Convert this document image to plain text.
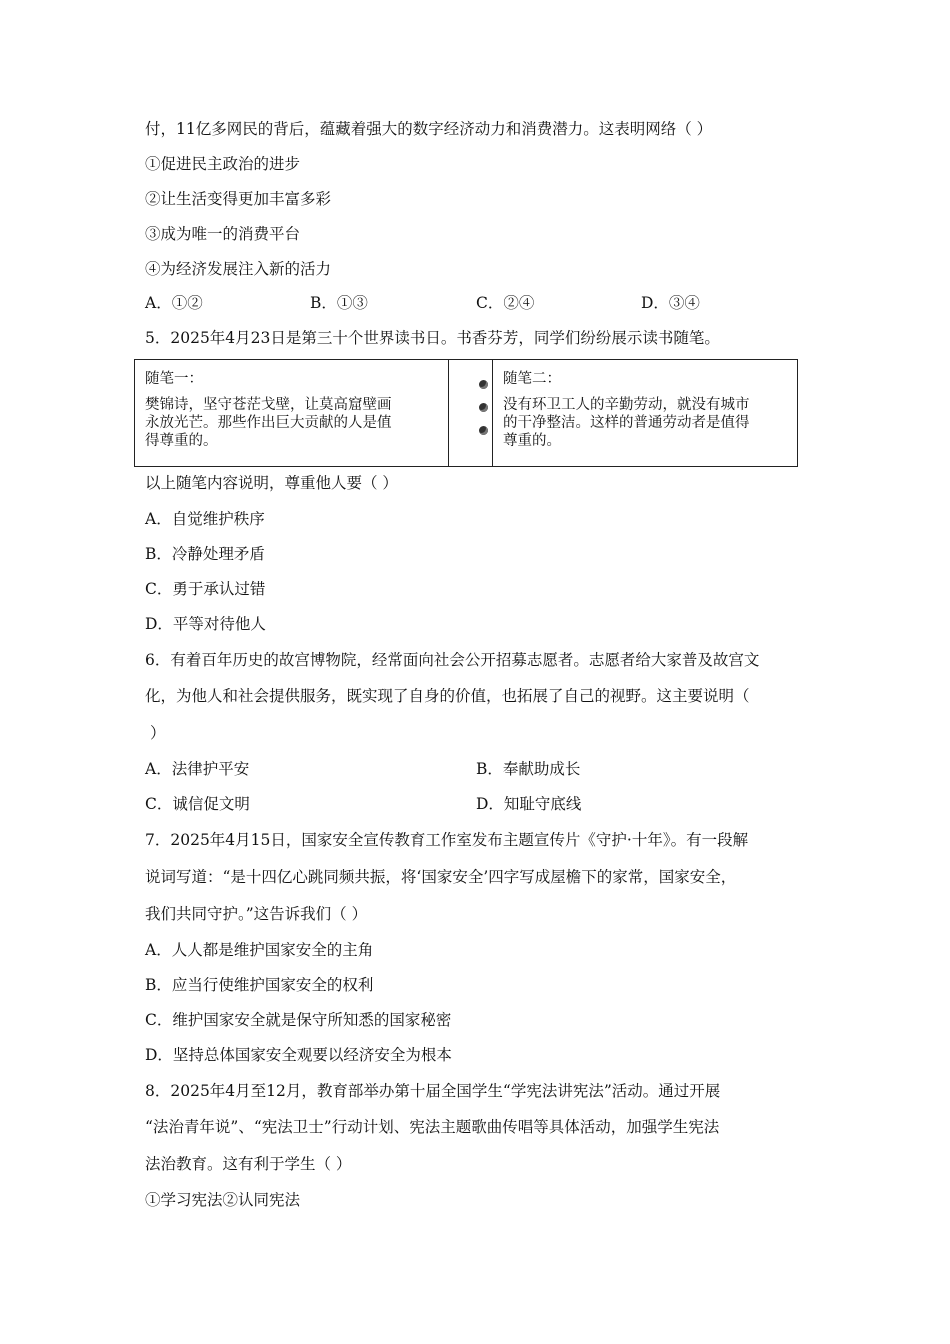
付，11亿多网民的背后，蕴藏着强大的数字经济动力和消费潜力。这表明网络（ ）
①促进民主政治的进步
②让生活变得更加丰富多彩
③成为唯一的消费平台
④为经济发展注入新的活力
A．①②	B．①③	C．②④	D．③④
5．2025年4月23日是第三十个世界读书日。书香芬芳，同学们纷纷展示读书随笔。
随笔一：
樊锦诗，坚守苍茫戈壁，让莫高窟壁画
永放光芒。那些作出巨大贡献的人是值
得尊重的。
随笔二：
没有环卫工人的辛勤劳动，就没有城市
的干净整洁。这样的普通劳动者是值得
尊重的。
以上随笔内容说明，尊重他人要（ ）
A．自觉维护秩序
B．冷静处理矛盾
C．勇于承认过错
D．平等对待他人
6．有着百年历史的故宫博物院，经常面向社会公开招募志愿者。志愿者给大家普及故宫文
化，为他人和社会提供服务，既实现了自身的价值，也拓展了自己的视野。这主要说明（
）
A．法律护平安	B．奉献助成长
C．诚信促文明	D．知耻守底线
7．2025年4月15日，国家安全宣传教育工作室发布主题宣传片《守护·十年》。有一段解
说词写道：“是十四亿心跳同频共振，将‘国家安全’四字写成屋檐下的家常，国家安全，
我们共同守护。”这告诉我们（ ）
A．人人都是维护国家安全的主角
B．应当行使维护国家安全的权利
C．维护国家安全就是保守所知悉的国家秘密
D．坚持总体国家安全观要以经济安全为根本
8．2025年4月至12月，教育部举办第十届全国学生“学宪法讲宪法”活动。通过开展
“法治青年说”、“宪法卫士”行动计划、宪法主题歌曲传唱等具体活动，加强学生宪法
法治教育。这有利于学生（ ）
①学习宪法②认同宪法
